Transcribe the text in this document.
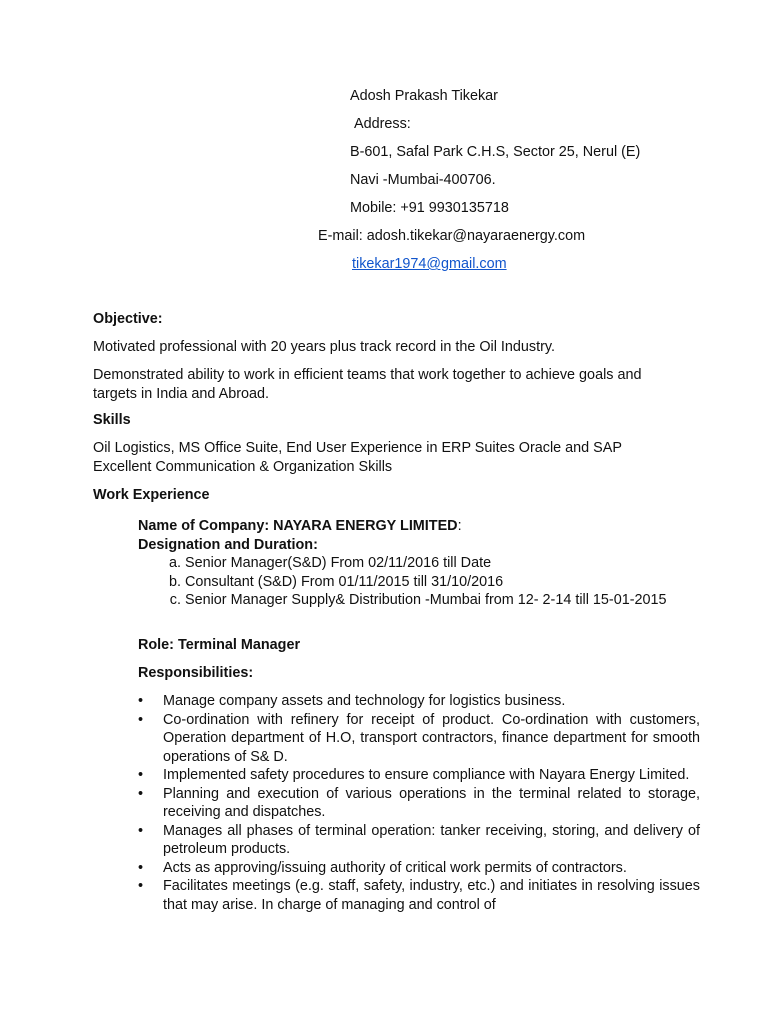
Adosh Prakash Tikekar

Address:

B-601, Safal Park C.H.S, Sector 25, Nerul (E)

Navi -Mumbai-400706.

Mobile: +91 9930135718

E-mail: adosh.tikekar@nayaraenergy.com

tikekar1974@gmail.com

Objective:

Motivated professional with 20 years plus track record in the Oil Industry.

Demonstrated ability to work in efficient teams that work together to achieve goals and targets in India and Abroad.

Skills

Oil Logistics, MS Office Suite, End User Experience in ERP Suites Oracle and SAP Excellent Communication & Organization Skills

Work Experience

Name of Company: NAYARA ENERGY LIMITED:

Designation and Duration:

a. Senior Manager(S&D) From 02/11/2016 till Date
b. Consultant (S&D) From 01/11/2015 till 31/10/2016
c. Senior Manager Supply& Distribution -Mumbai from 12- 2-14 till 15-01-2015

Role: Terminal Manager

Responsibilities:

• Manage company assets and technology for logistics business.
• Co-ordination with refinery for receipt of product. Co-ordination with customers, Operation department of H.O, transport contractors, finance department for smooth operations of S& D.
• Implemented safety procedures to ensure compliance with Nayara Energy Limited.
• Planning and execution of various operations in the terminal related to storage, receiving and dispatches.
• Manages all phases of terminal operation: tanker receiving, storing, and delivery of petroleum products.
• Acts as approving/issuing authority of critical work permits of contractors.
• Facilitates meetings (e.g. staff, safety, industry, etc.) and initiates in resolving issues that may arise. In charge of managing and control of
